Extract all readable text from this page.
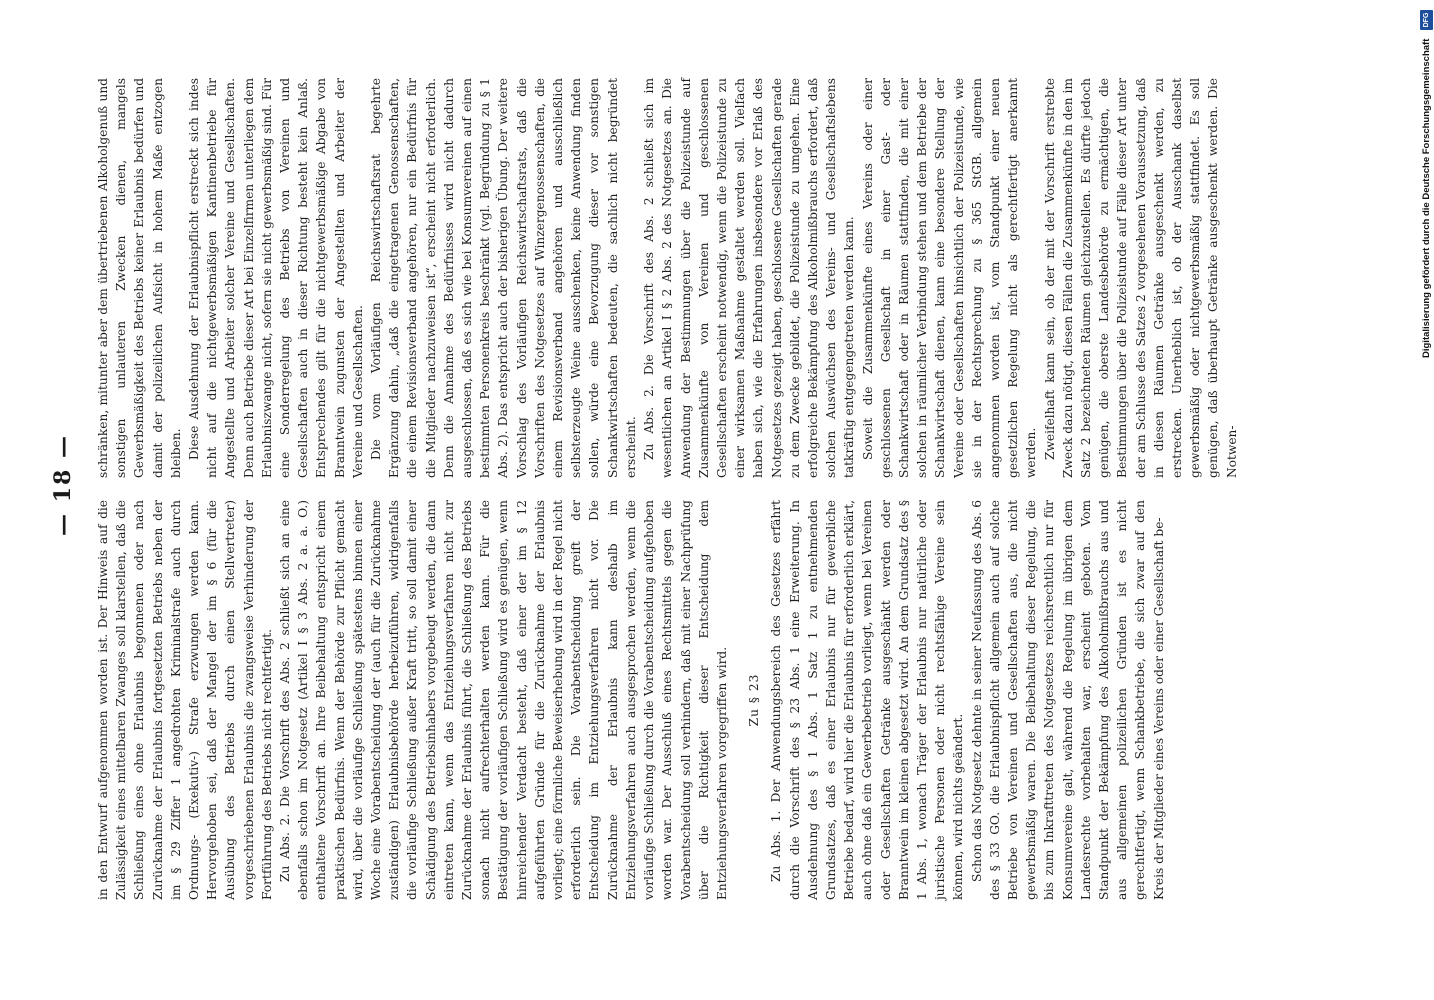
— 18 —

in den Entwurf aufgenommen worden ist. Der Hinweis auf die Zulässigkeit eines mittelbaren Zwanges soll klarstellen, daß die Schließung eines ohne Erlaubnis begonnenen oder nach Zurücknahme der Erlaubnis fortgesetzten Betriebs neben der im § 29 Ziffer 1 angedrohten Kriminalstrafe auch durch Ordnungs- (Exekutiv-) Strafe erzwungen werden kann. Hervorgehoben sei, daß der Mangel der im § 6 (für die Ausübung des Betriebs durch einen Stellvertreter) vorgeschriebenen Erlaubnis die zwangsweise Verhinderung der Fortführung des Betriebs nicht rechtfertigt. Zu Abs. 2. Die Vorschrift des Abs. 2 schließt sich an eine ebenfalls schon im Notgesetz (Artikel I § 3 Abs. 2 a. a. O.) enthaltene Vorschrift an. Ihre Beibehaltung entspricht einem praktischen Bedürfnis. Wenn der Behörde zur Pflicht gemacht wird, über die vorläufige Schließung spätestens binnen einer Woche eine Vorabentscheidung der (auch für die Zurücknahme zuständigen) Erlaubnisbehörde herbeizuführen, widrigenfalls die vorläufige Schließung außer Kraft tritt, so soll damit einer Schädigung des Betriebsinhabers vorgebeugt werden, die dann eintreten kann, wenn das Entziehungsverfahren nicht zur Zurücknahme der Erlaubnis führt, die Schließung des Betriebs sonach nicht aufrechterhalten werden kann. Für die Bestätigung der vorläufigen Schließung wird es genügen, wenn hinreichender Verdacht besteht, daß einer der im § 12 aufgeführten Gründe für die Zurücknahme der Erlaubnis vorliegt; eine förmliche Beweiserhebung wird in der Regel nicht erforderlich sein. Die Vorabentscheidung greift der Entscheidung im Entziehungsverfahren nicht vor. Die Zurücknahme der Erlaubnis kann deshalb im Entziehungsverfahren auch ausgesprochen werden, wenn die vorläufige Schließung durch die Vorabentscheidung aufgehoben worden war. Der Ausschluß eines Rechtsmittels gegen die Vorabentscheidung soll verhindern, daß mit einer Nachprüfung über die Richtigkeit dieser Entscheidung dem Entziehungsverfahren vorgegriffen wird. Zu § 23 Zu Abs. 1. Der Anwendungsbereich des Gesetzes erfährt durch die Vorschrift des § 23 Abs. 1 eine Erweiterung. In Ausdehnung des § 1 Abs. 1 Satz 1 zu entnehmenden Grundsatzes, daß es einer Erlaubnis nur für gewerbliche Betriebe bedarf, wird hier die Erlaubnis für erforderlich erklärt, auch ohne daß ein Gewerbebetrieb vorliegt, wenn bei Vereinen oder Gesellschaften Getränke ausgeschänkt werden oder Branntwein im kleinen abgesetzt wird. An dem Grundsatz des § 1 Abs. 1, wonach Träger der Erlaubnis nur natürliche oder juristische Personen oder nicht rechtsfähige Vereine sein können, wird nichts geändert. Schon das Notgesetz dehnte in seiner Neufassung des Abs. 6 des § 33 GO. die Erlaubnispflicht allgemein auch auf solche Betriebe von Vereinen und Gesellschaften aus, die nicht gewerbsmäßig waren. Die Beibehaltung dieser Regelung, die bis zum Inkrafttreten des Notgesetzes reichsrechtlich nur für Konsumvereine galt, während die Regelung im übrigen dem Landesrechte vorbehalten war, erscheint geboten. Vom Standpunkt der Bekämpfung des Alkoholmißbrauchs aus und aus allgemeinen polizeilichen Gründen ist es nicht gerechtfertigt, wenn Schankbetriebe, die sich zwar auf den Kreis der Mitglieder eines Vereins oder einer Gesellschaft be-

schränken, mitunter aber dem übertriebenen Alkoholgenuß und sonstigen unlauteren Zwecken dienen, mangels Gewerbsmäßigkeit des Betriebs keiner Erlaubnis bedürfen und damit der polizeilichen Aufsicht in hohem Maße entzogen bleiben. Diese Ausdehnung der Erlaubnispflicht erstreckt sich indes nicht auf die nichtgewerbsmäßigen Kantinenbetriebe für Angestellte und Arbeiter solcher Vereine und Gesellschaften. Denn auch Betriebe dieser Art bei Einzelfirmen unterliegen dem Erlaubniszwange nicht, sofern sie nicht gewerbsmäßig sind. Für eine Sonderregelung des Betriebs von Vereinen und Gesellschaften auch in dieser Richtung besteht kein Anlaß. Entsprechendes gilt für die nichtgewerbsmäßige Abgabe von Branntwein zugunsten der Angestellten und Arbeiter der Vereine und Gesellschaften. Die vom Vorläufigen Reichswirtschaftsrat begehrte Ergänzung dahin, „daß die eingetragenen Genossenschaften, die einem Revisionsverband angehören, nur ein Bedürfnis für die Mitglieder nachzuweisen ist“, erscheint nicht erforderlich. Denn die Annahme des Bedürfnisses wird nicht dadurch ausgeschlossen, daß es sich wie bei Konsumvereinen auf einen bestimmten Personenkreis beschränkt (vgl. Begründung zu § 1 Abs. 2). Das entspricht auch der bisherigen Übung. Der weitere Vorschlag des Vorläufigen Reichswirtschaftsrats, daß die Vorschriften des Notgesetzes auf Winzergenossenschaften, die einem Revisionsverband angehören und ausschließlich selbsterzeugte Weine ausschenken, keine Anwendung finden sollen, würde eine Bevorzugung dieser vor sonstigen Schankwirtschaften bedeuten, die sachlich nicht begründet erscheint. Zu Abs. 2. Die Vorschrift des Abs. 2 schließt sich im wesentlichen an Artikel I § 2 Abs. 2 des Notgesetzes an. Die Anwendung der Bestimmungen über die Polizeistunde auf Zusammenkünfte von Vereinen und geschlossenen Gesellschaften erscheint notwendig, wenn die Polizeistunde zu einer wirksamen Maßnahme gestaltet werden soll. Vielfach haben sich, wie die Erfahrungen insbesondere vor Erlaß des Notgesetzes gezeigt haben, geschlossene Gesellschaften gerade zu dem Zwecke gebildet, die Polizeistunde zu umgehen. Eine erfolgreiche Bekämpfung des Alkoholmißbrauchs erfordert, daß solchen Auswüchsen des Vereins- und Gesellschaftslebens tatkräftig entgegengetreten werden kann. Soweit die Zusammenkünfte eines Vereins oder einer geschlossenen Gesellschaft in einer Gast- oder Schankwirtschaft oder in Räumen stattfinden, die mit einer solchen in räumlicher Verbindung stehen und dem Betriebe der Schankwirtschaft dienen, kann eine besondere Stellung der Vereine oder Gesellschaften hinsichtlich der Polizeistunde, wie sie in der Rechtsprechung zu § 365 StGB. allgemein angenommen worden ist, vom Standpunkt einer neuen gesetzlichen Regelung nicht als gerechtfertigt anerkannt werden. Zweifelhaft kann sein, ob der mit der Vorschrift erstrebte Zweck dazu nötigt, diesen Fällen die Zusammenkünfte in den im Satz 2 bezeichneten Räumen gleichzustellen. Es dürfte jedoch genügen, die oberste Landesbehörde zu ermächtigen, die Bestimmungen über die Polizeistunde auf Fälle dieser Art unter der am Schlusse des Satzes 2 vorgesehenen Voraussetzung, daß in diesen Räumen Getränke ausgeschenkt werden, zu erstrecken. Unerheblich ist, ob der Ausschank daselbst gewerbsmäßig oder nichtgewerbsmäßig stattfindet. Es soll genügen, daß überhaupt Getränke ausgeschenkt werden. Die Notwen-

Digitalisierung gefördert durch die Deutsche Forschungsgemeinschaft DFG
